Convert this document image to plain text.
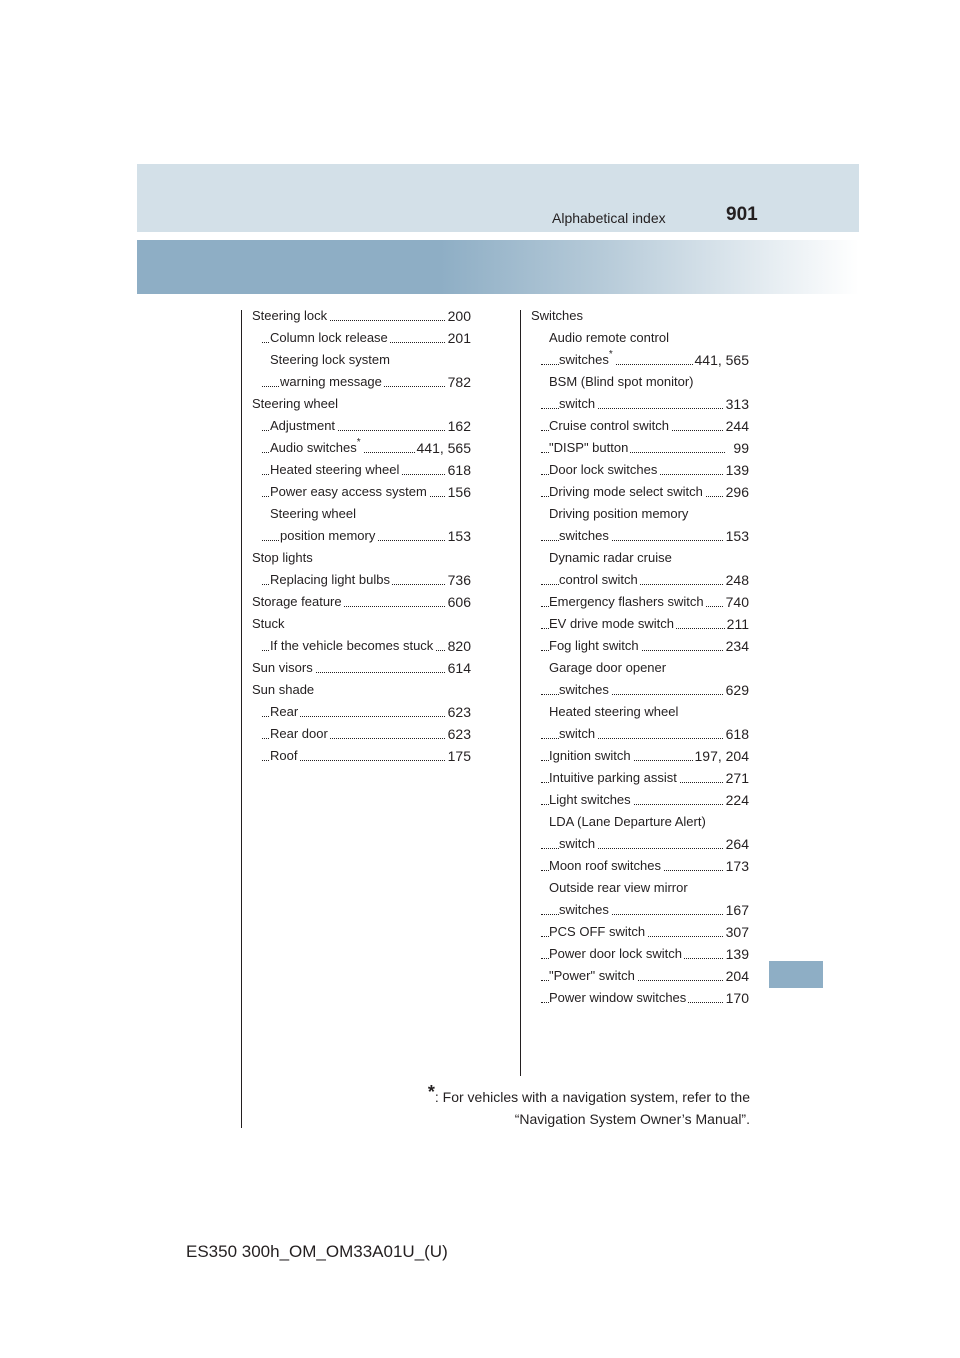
Alphabetical index	901
Steering lock	200
Column lock release	201
Steering lock system
warning message	782
Steering wheel
Adjustment	162
Audio switches*	441, 565
Heated steering wheel	618
Power easy access system 156
Steering wheel
position memory	153
Stop lights
Replacing light bulbs	736
Storage feature	606
Stuck
If the vehicle becomes stuck 820
Sun visors	614
Sun shade
Rear	623
Rear door	623
Roof	175
Switches
Audio remote control
switches*	441, 565
BSM (Blind spot monitor)
switch	313
Cruise control switch	244
"DISP" button	99
Door lock switches	139
Driving mode select switch 296
Driving position memory
switches	153
Dynamic radar cruise
control switch	248
Emergency flashers switch 740
EV drive mode switch	211
Fog light switch	234
Garage door opener
switches	629
Heated steering wheel
switch	618
Ignition switch	197, 204
Intuitive parking assist	271
Light switches	224
LDA (Lane Departure Alert)
switch	264
Moon roof switches	173
Outside rear view mirror
switches	167
PCS OFF switch	307
Power door lock switch	139
"Power" switch	204
Power window switches	170
*: For vehicles with a navigation system, refer to the
“Navigation System Owner’s Manual”.
ES350 300h_OM_OM33A01U_(U)
